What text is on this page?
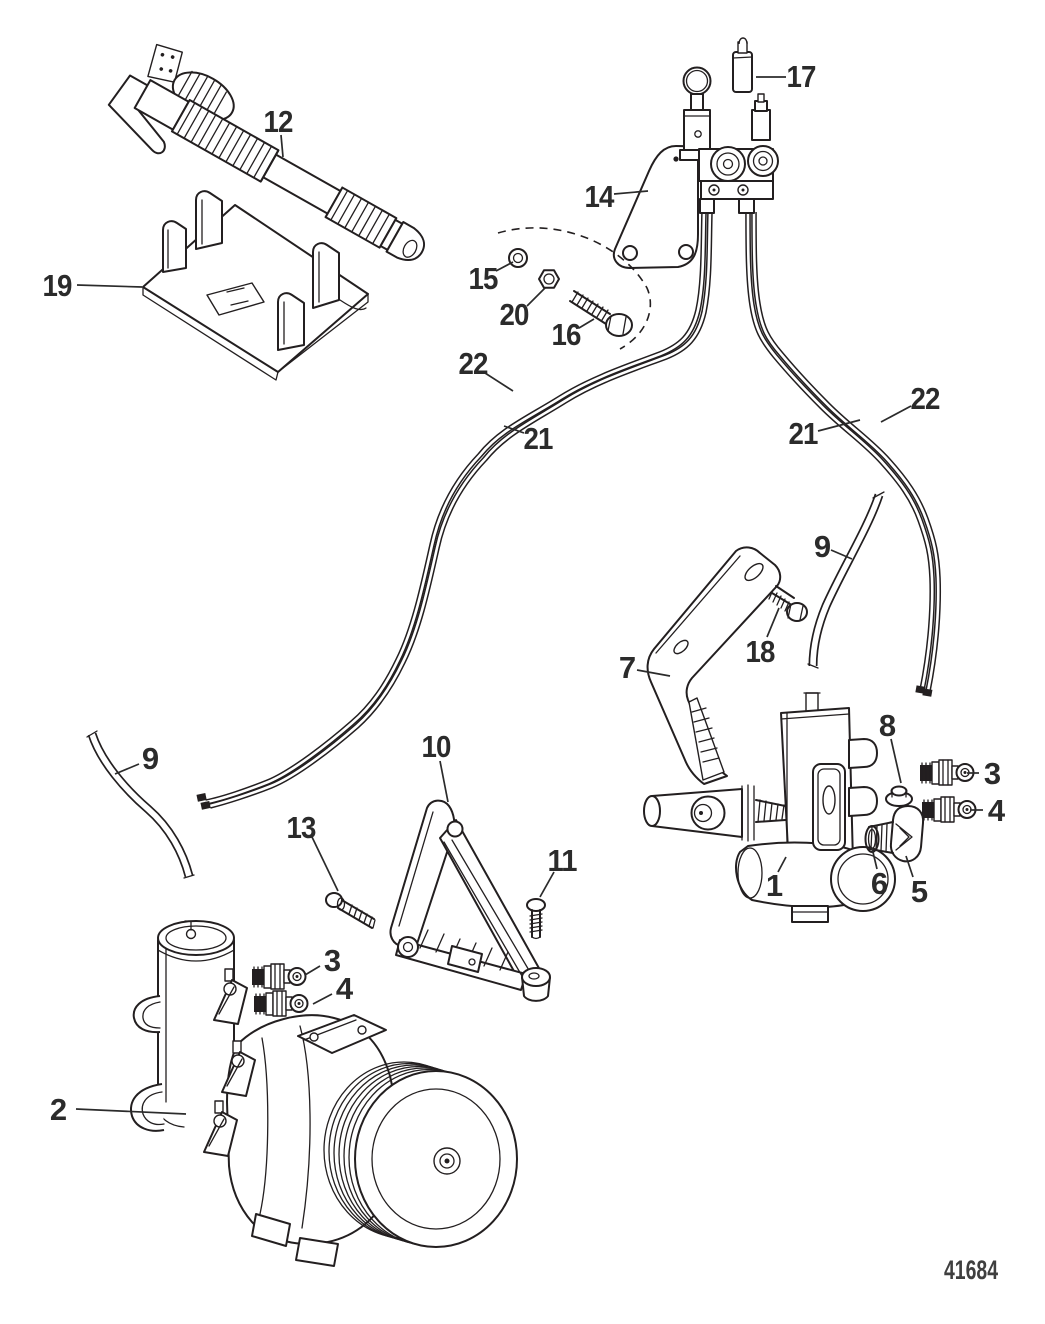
12
19
17
14
15
20
16
22
21	21
22
9
7	18
8
3
4
1	6 5
10
13
11
3
4
9
2
41684
